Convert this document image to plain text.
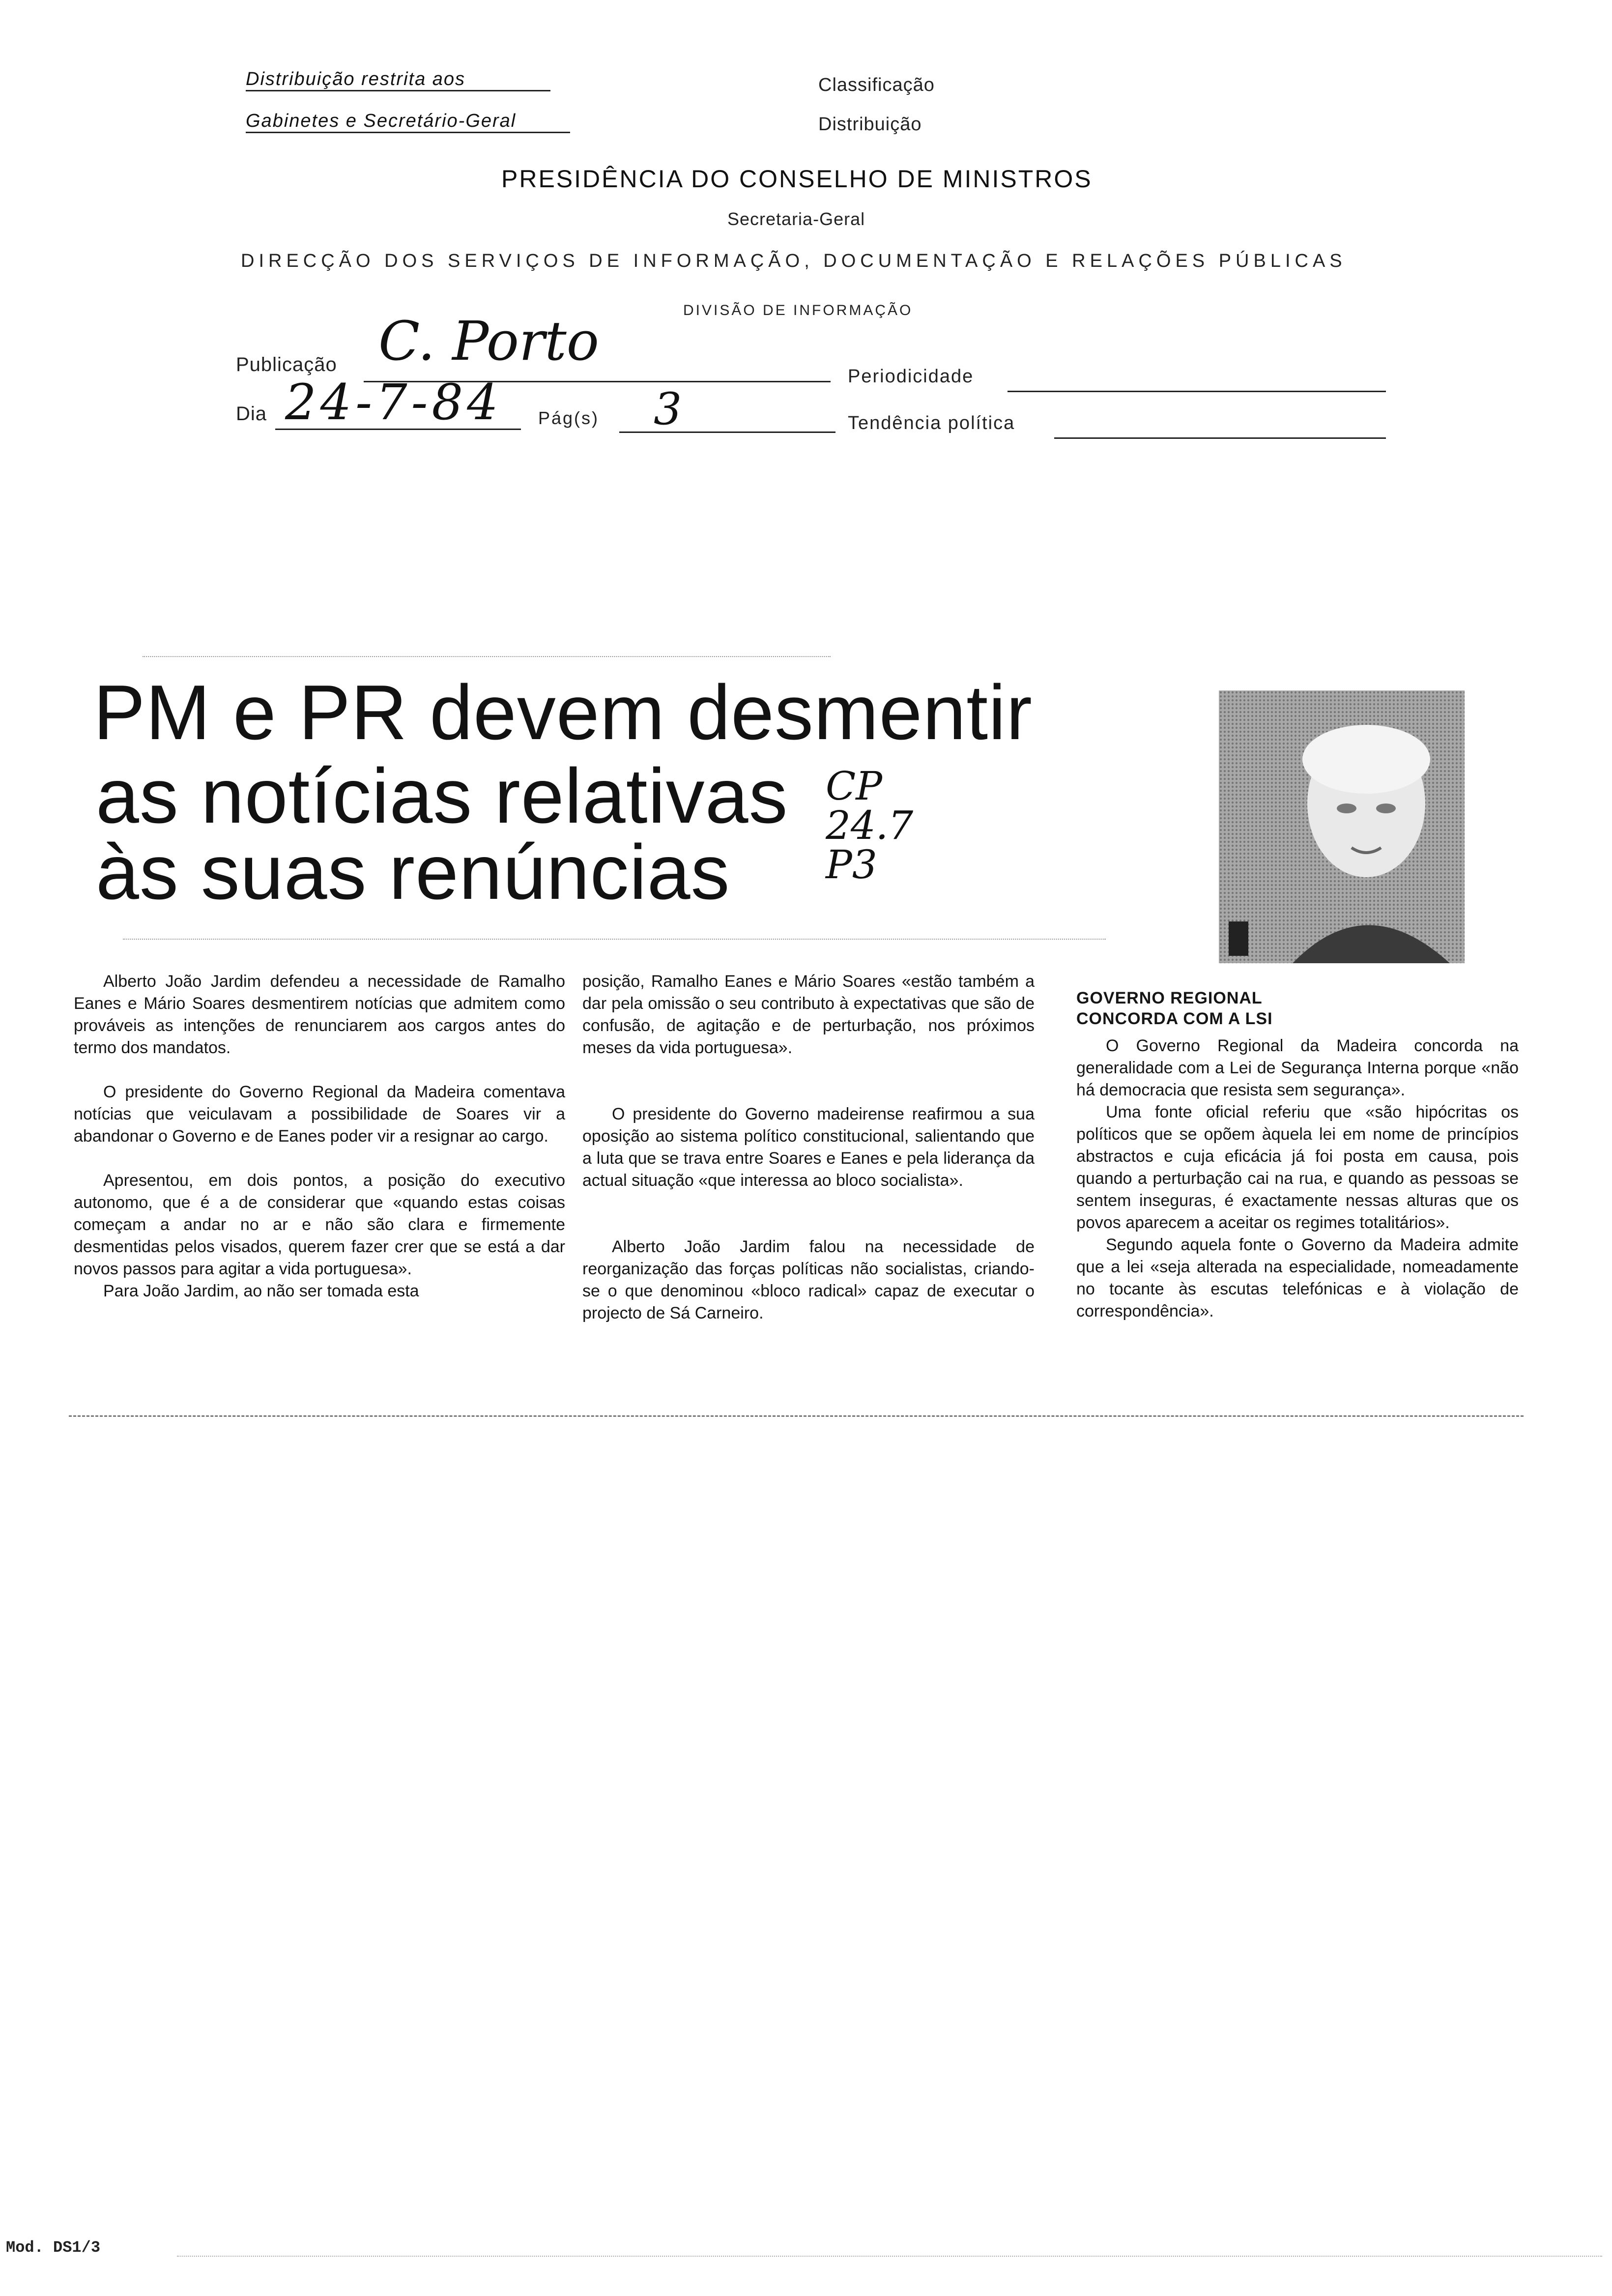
Distribuição restrita aos
Gabinetes e Secretário-Geral
Classificação
Distribuição
PRESIDÊNCIA DO CONSELHO DE MINISTROS
Secretaria-Geral
DIRECÇÃO DOS SERVIÇOS DE INFORMAÇÃO, DOCUMENTAÇÃO E RELAÇÕES PÚBLICAS
DIVISÃO DE INFORMAÇÃO
Publicação C. Porto
Periodicidade
Dia 24-7-84 Pág(s) 3	Tendência política
PM e PR devem desmentir
as notícias relativas
às suas renúncias
CP 24.7 P3
Alberto João Jardim defendeu a necessidade de Ramalho Eanes e Mário Soares desmentirem notícias que admitem como prováveis as intenções de renunciarem aos cargos antes do termo dos mandatos.
O presidente do Governo Regional da Madeira comentava notícias que veiculavam a possibilidade de Soares vir a abandonar o Governo e de Eanes poder vir a resignar ao cargo.
Apresentou, em dois pontos, a posição do executivo autonomo, que é a de considerar que «quando estas coisas começam a andar no ar e não são clara e firmemente desmentidas pelos visados, querem fazer crer que se está a dar novos passos para agitar a vida portuguesa».
Para João Jardim, ao não ser tomada esta
posição, Ramalho Eanes e Mário Soares «estão também a dar pela omissão o seu contributo à expectativas que são de confusão, de agitação e de perturbação, nos próximos meses da vida portuguesa».
O presidente do Governo madeirense reafirmou a sua oposição ao sistema político constitucional, salientando que a luta que se trava entre Soares e Eanes e pela liderança da actual situação «que interessa ao bloco socialista».
Alberto João Jardim falou na necessidade de reorganização das forças políticas não socialistas, criando-se o que denominou «bloco radical» capaz de executar o projecto de Sá Carneiro.
GOVERNO REGIONAL
CONCORDA COM A LSI
O Governo Regional da Madeira concorda na generalidade com a Lei de Segurança Interna porque «não há democracia que resista sem segurança».
Uma fonte oficial referiu que «são hipócritas os políticos que se opõem àquela lei em nome de princípios abstractos e cuja eficácia já foi posta em causa, pois quando a perturbação cai na rua, e quando as pessoas se sentem inseguras, é exactamente nessas alturas que os povos aparecem a aceitar os regimes totalitários».
Segundo aquela fonte o Governo da Madeira admite que a lei «seja alterada na especialidade, nomeadamente no tocante às escutas telefónicas e à violação de correspondência».
Mod. DS1/3
